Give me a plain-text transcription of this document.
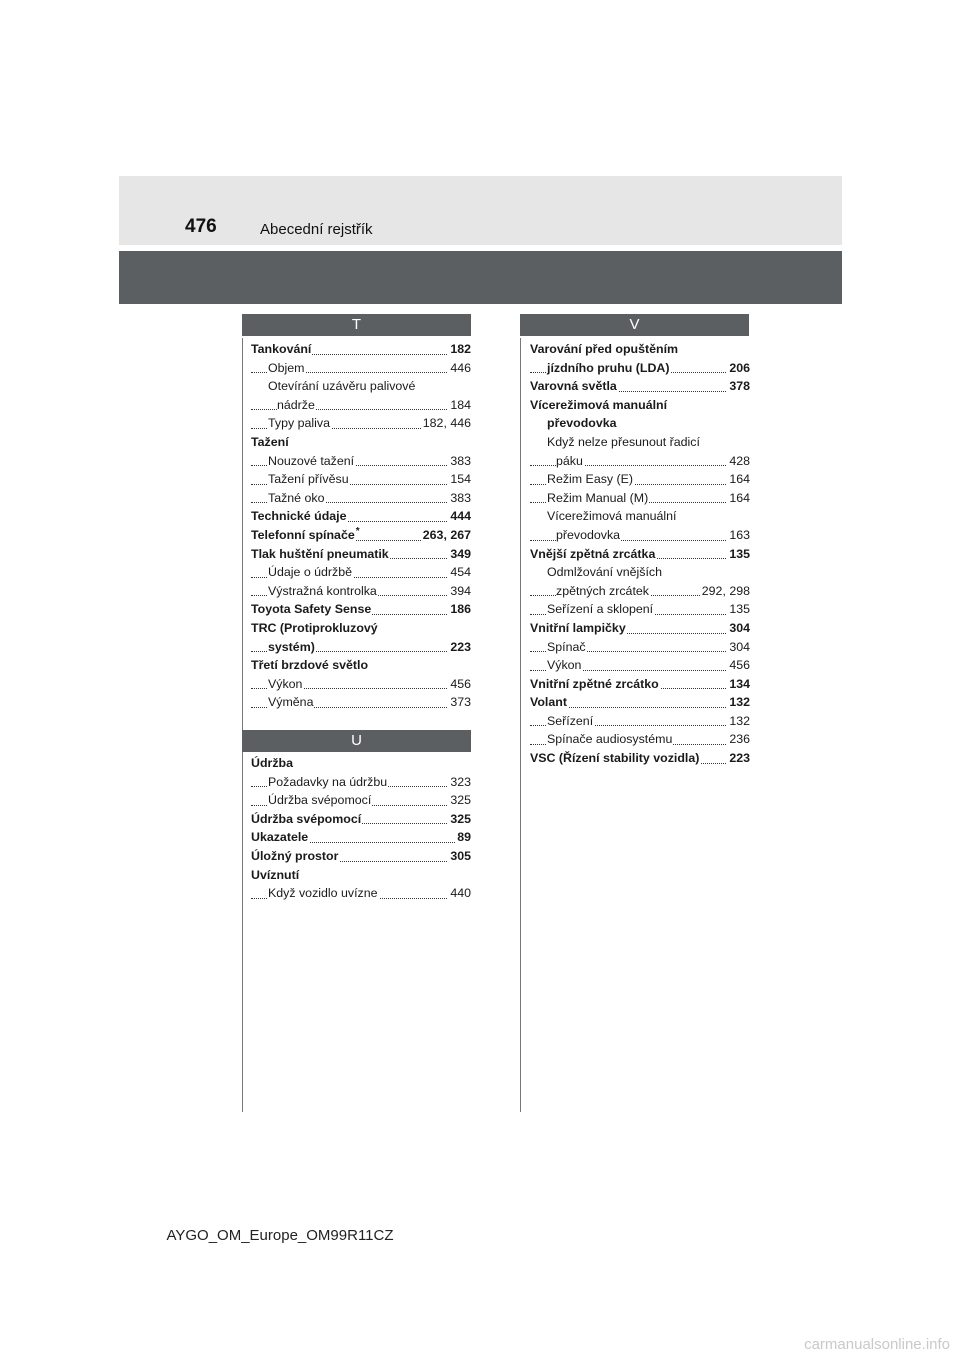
476	Abecední rejstřík
T	V
U
Tankování	182
Objem	446
Otevírání uzávěru palivové
nádrže	184
Typy paliva	182, 446
Tažení
Nouzové tažení	383
Tažení přívěsu	154
Tažné oko	383
Technické údaje	444
Telefonní spínače*	263, 267
Tlak huštění pneumatik	349
Údaje o údržbě	454
Výstražná kontrolka	394
Toyota Safety Sense	186
TRC (Protiprokluzový
systém)	223
Třetí brzdové světlo
Výkon	456
Výměna	373
Údržba
Požadavky na údržbu	323
Údržba svépomocí	325
Údržba svépomocí	325
Ukazatele	89
Úložný prostor	305
Uvíznutí
Když vozidlo uvízne	440
Varování před opuštěním
jízdního pruhu (LDA)	206
Varovná světla	378
Vícerežimová manuální
převodovka
Když nelze přesunout řadicí
páku	428
Režim Easy (E)	164
Režim Manual (M)	164
Vícerežimová manuální
převodovka	163
Vnější zpětná zrcátka	135
Odmlžování vnějších
zpětných zrcátek	292, 298
Seřízení a sklopení	135
Vnitřní lampičky	304
Spínač	304
Výkon	456
Vnitřní zpětné zrcátko	134
Volant	132
Seřízení	132
Spínače audiosystému	236
VSC (Řízení stability vozidla) 223
AYGO_OM_Europe_OM99R11CZ
carmanualsonline.info
